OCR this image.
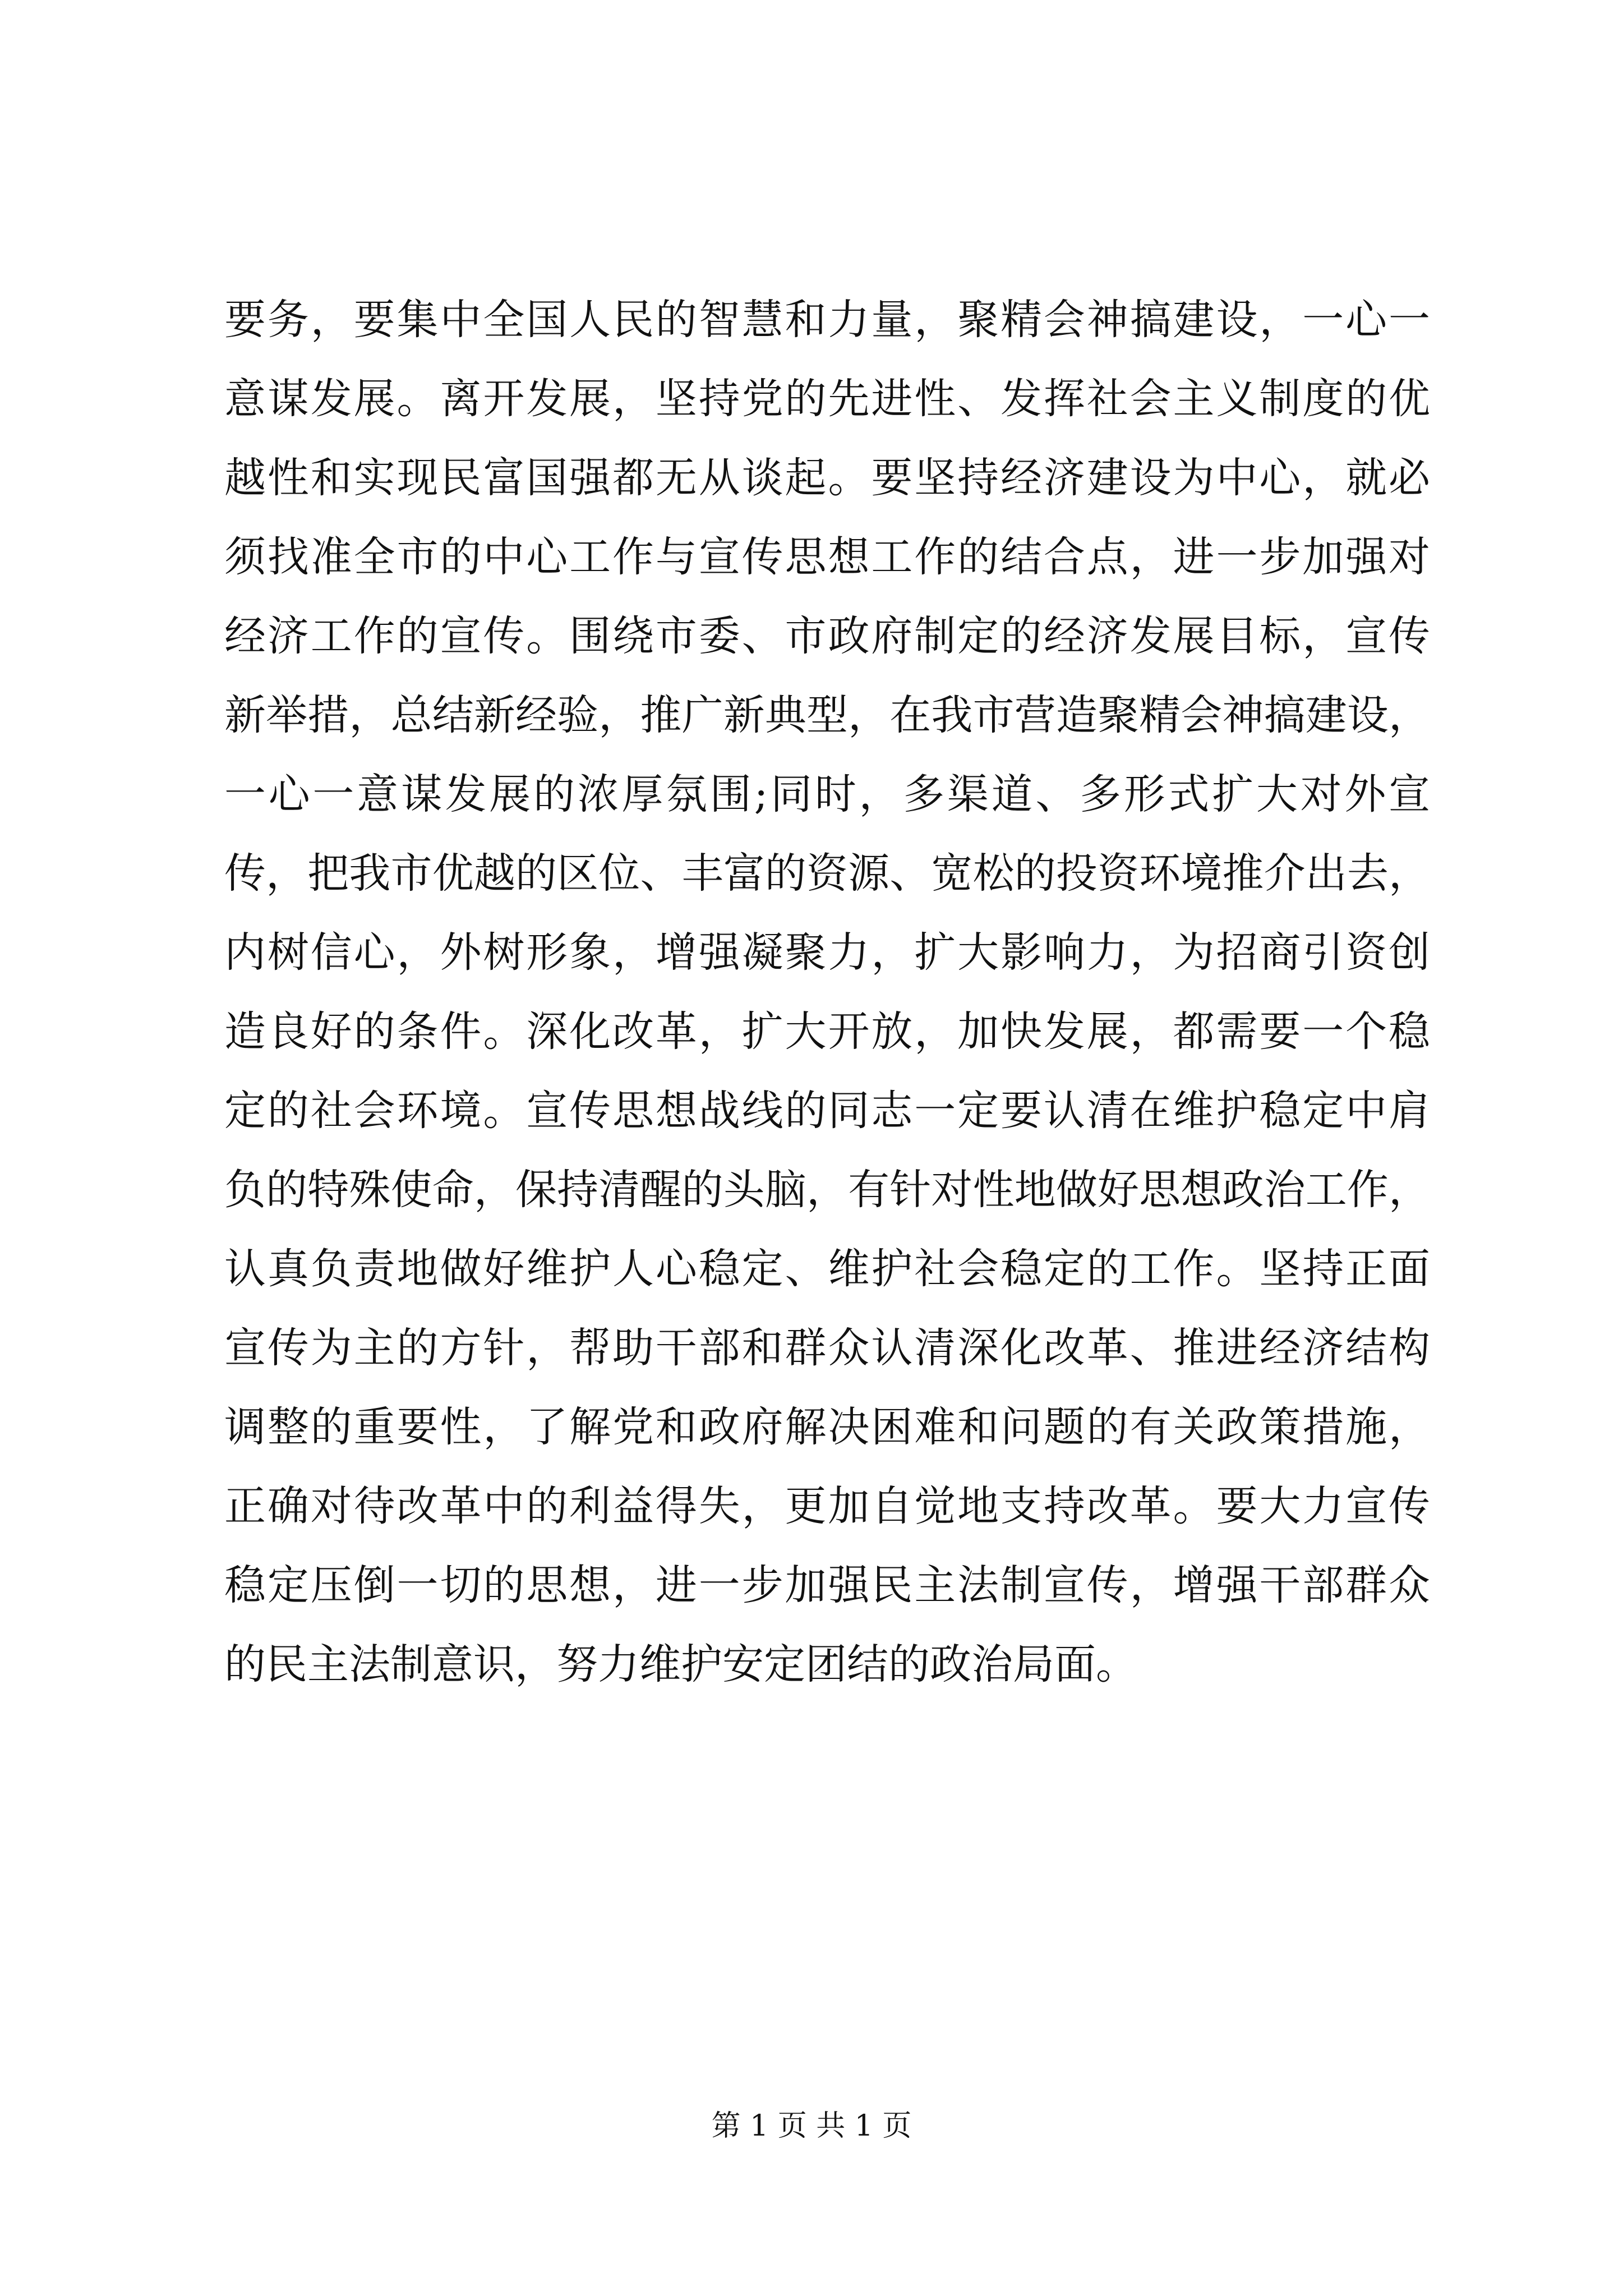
要务，要集中全国人民的智慧和力量，聚精会神搞建设，一心一
意谋发展。离开发展，坚持党的先进性、发挥社会主义制度的优
越性和实现民富国强都无从谈起。要坚持经济建设为中心，就必
须找准全市的中心工作与宣传思想工作的结合点，进一步加强对
经济工作的宣传。围绕市委、市政府制定的经济发展目标，宣传
新举措，总结新经验，推广新典型，在我市营造聚精会神搞建设，
一心一意谋发展的浓厚氛围;同时，多渠道、多形式扩大对外宣
传，把我市优越的区位、丰富的资源、宽松的投资环境推介出去，
内树信心，外树形象，增强凝聚力，扩大影响力，为招商引资创
造良好的条件。深化改革，扩大开放，加快发展，都需要一个稳
定的社会环境。宣传思想战线的同志一定要认清在维护稳定中肩
负的特殊使命，保持清醒的头脑，有针对性地做好思想政治工作，
认真负责地做好维护人心稳定、维护社会稳定的工作。坚持正面
宣传为主的方针，帮助干部和群众认清深化改革、推进经济结构
调整的重要性，了解党和政府解决困难和问题的有关政策措施，
正确对待改革中的利益得失，更加自觉地支持改革。要大力宣传
稳定压倒一切的思想，进一步加强民主法制宣传，增强干部群众
的民主法制意识，努力维护安定团结的政治局面。
第 1 页 共 1 页
